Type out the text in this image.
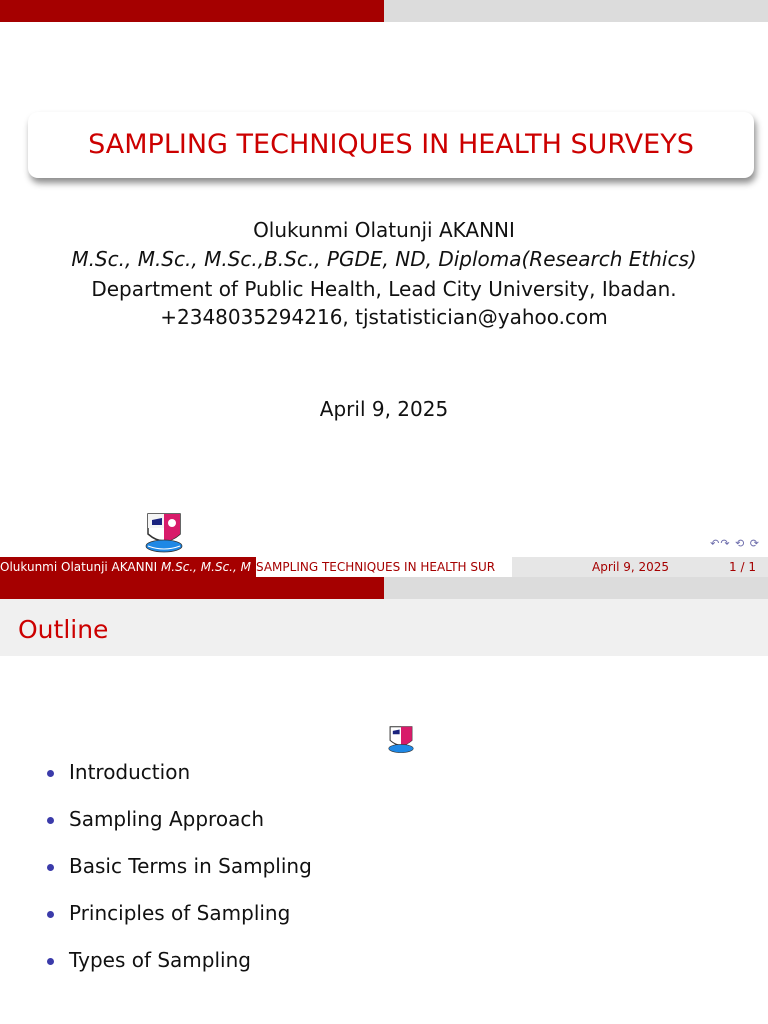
SAMPLING TECHNIQUES IN HEALTH SURVEYS
Olukunmi Olatunji AKANNI
M.Sc., M.Sc., M.Sc.,B.Sc., PGDE, ND, Diploma(Research Ethics)
Department of Public Health, Lead City University, Ibadan.
+2348035294216, tjstatistician@yahoo.com
April 9, 2025
↶↷ ⟲ ⟳
Olukunmi Olatunji AKANNI M.Sc., M.Sc., M SAMPLING TECHNIQUES IN HEALTH SUR	April 9, 2025	1 / 1
Outline
Introduction
Sampling Approach
Basic Terms in Sampling
Principles of Sampling
Types of Sampling
